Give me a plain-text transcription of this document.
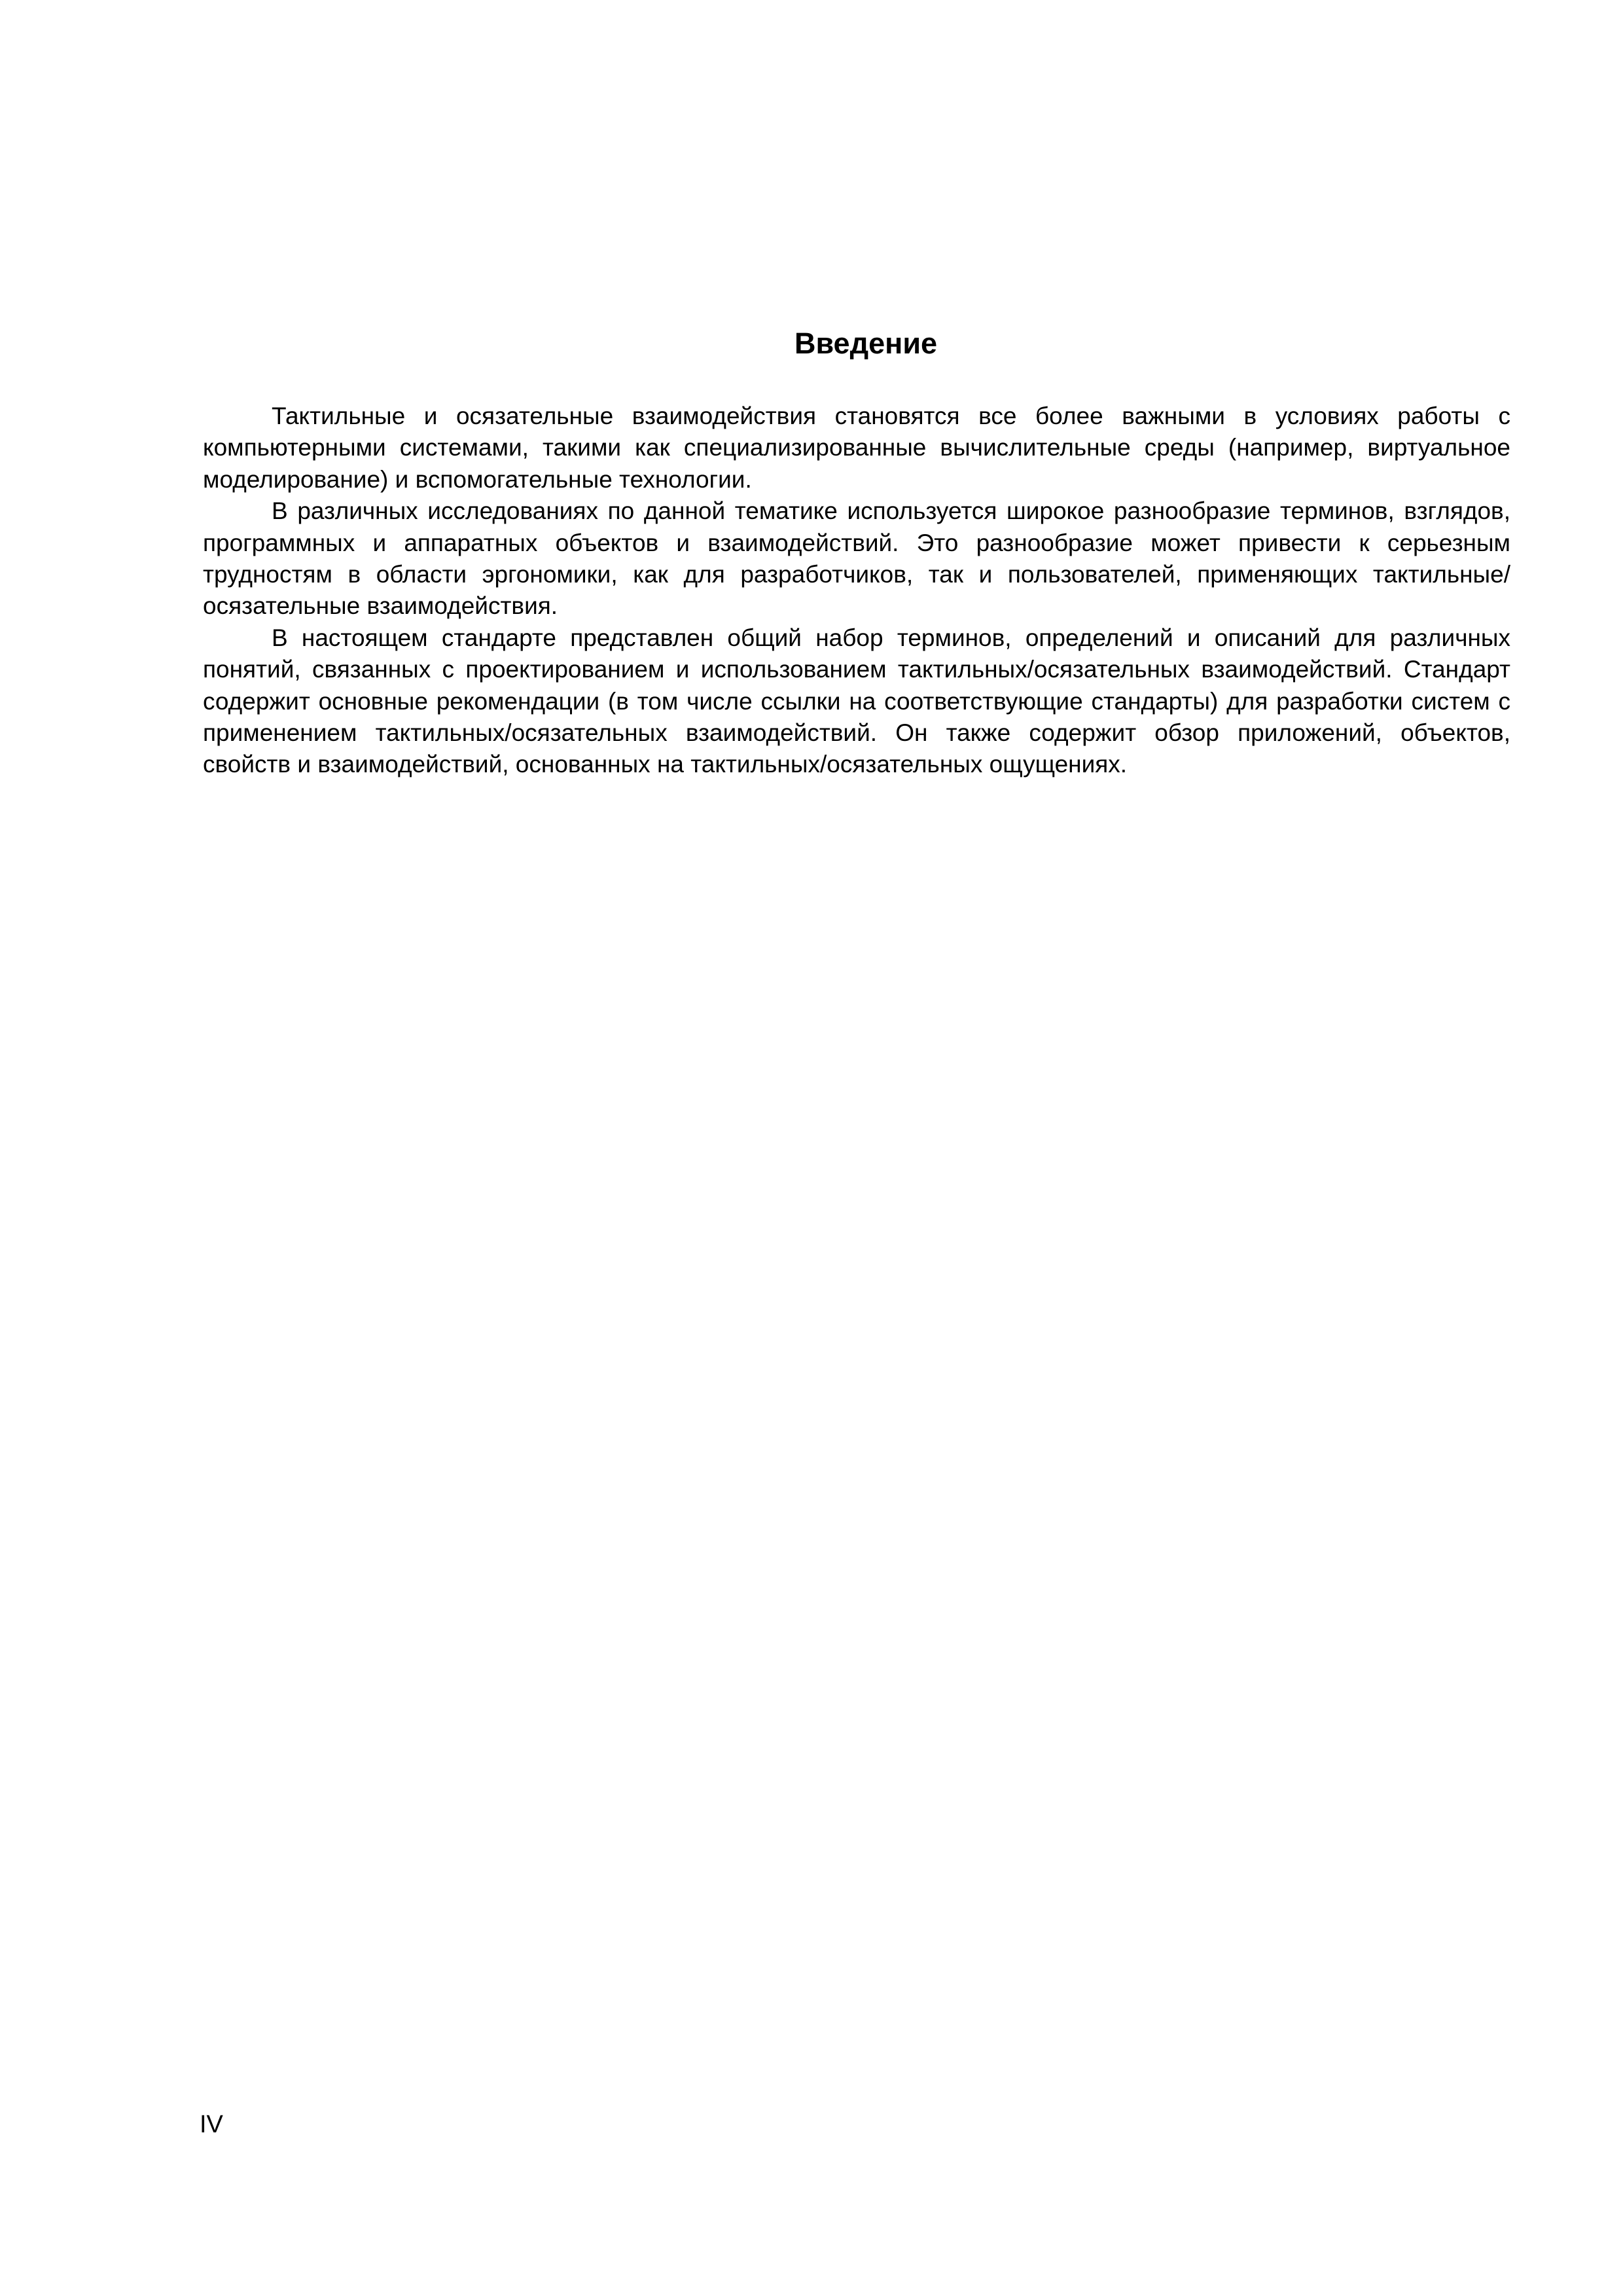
Введение

Тактильные и осязательные взаимодействия становятся все более важными в условиях работы с компьютерными системами, такими как специализированные вычислительные среды (например, виртуальное моделирование) и вспомогательные технологии.

В различных исследованиях по данной тематике используется широкое разнообразие терминов, взглядов, программных и аппаратных объектов и взаимодействий. Это разнообразие может привести к серьезным трудностям в области эргономики, как для разработчиков, так и пользователей, применяющих тактильные/осязательные взаимодействия.

В настоящем стандарте представлен общий набор терминов, определений и описаний для различных понятий, связанных с проектированием и использованием тактильных/осязательных взаимодействий. Стандарт содержит основные рекомендации (в том числе ссылки на соответствующие стандарты) для разработки систем с применением тактильных/осязательных взаимодействий. Он также содержит обзор приложений, объектов, свойств и взаимодействий, основанных на тактильных/осязательных ощущениях.

IV
